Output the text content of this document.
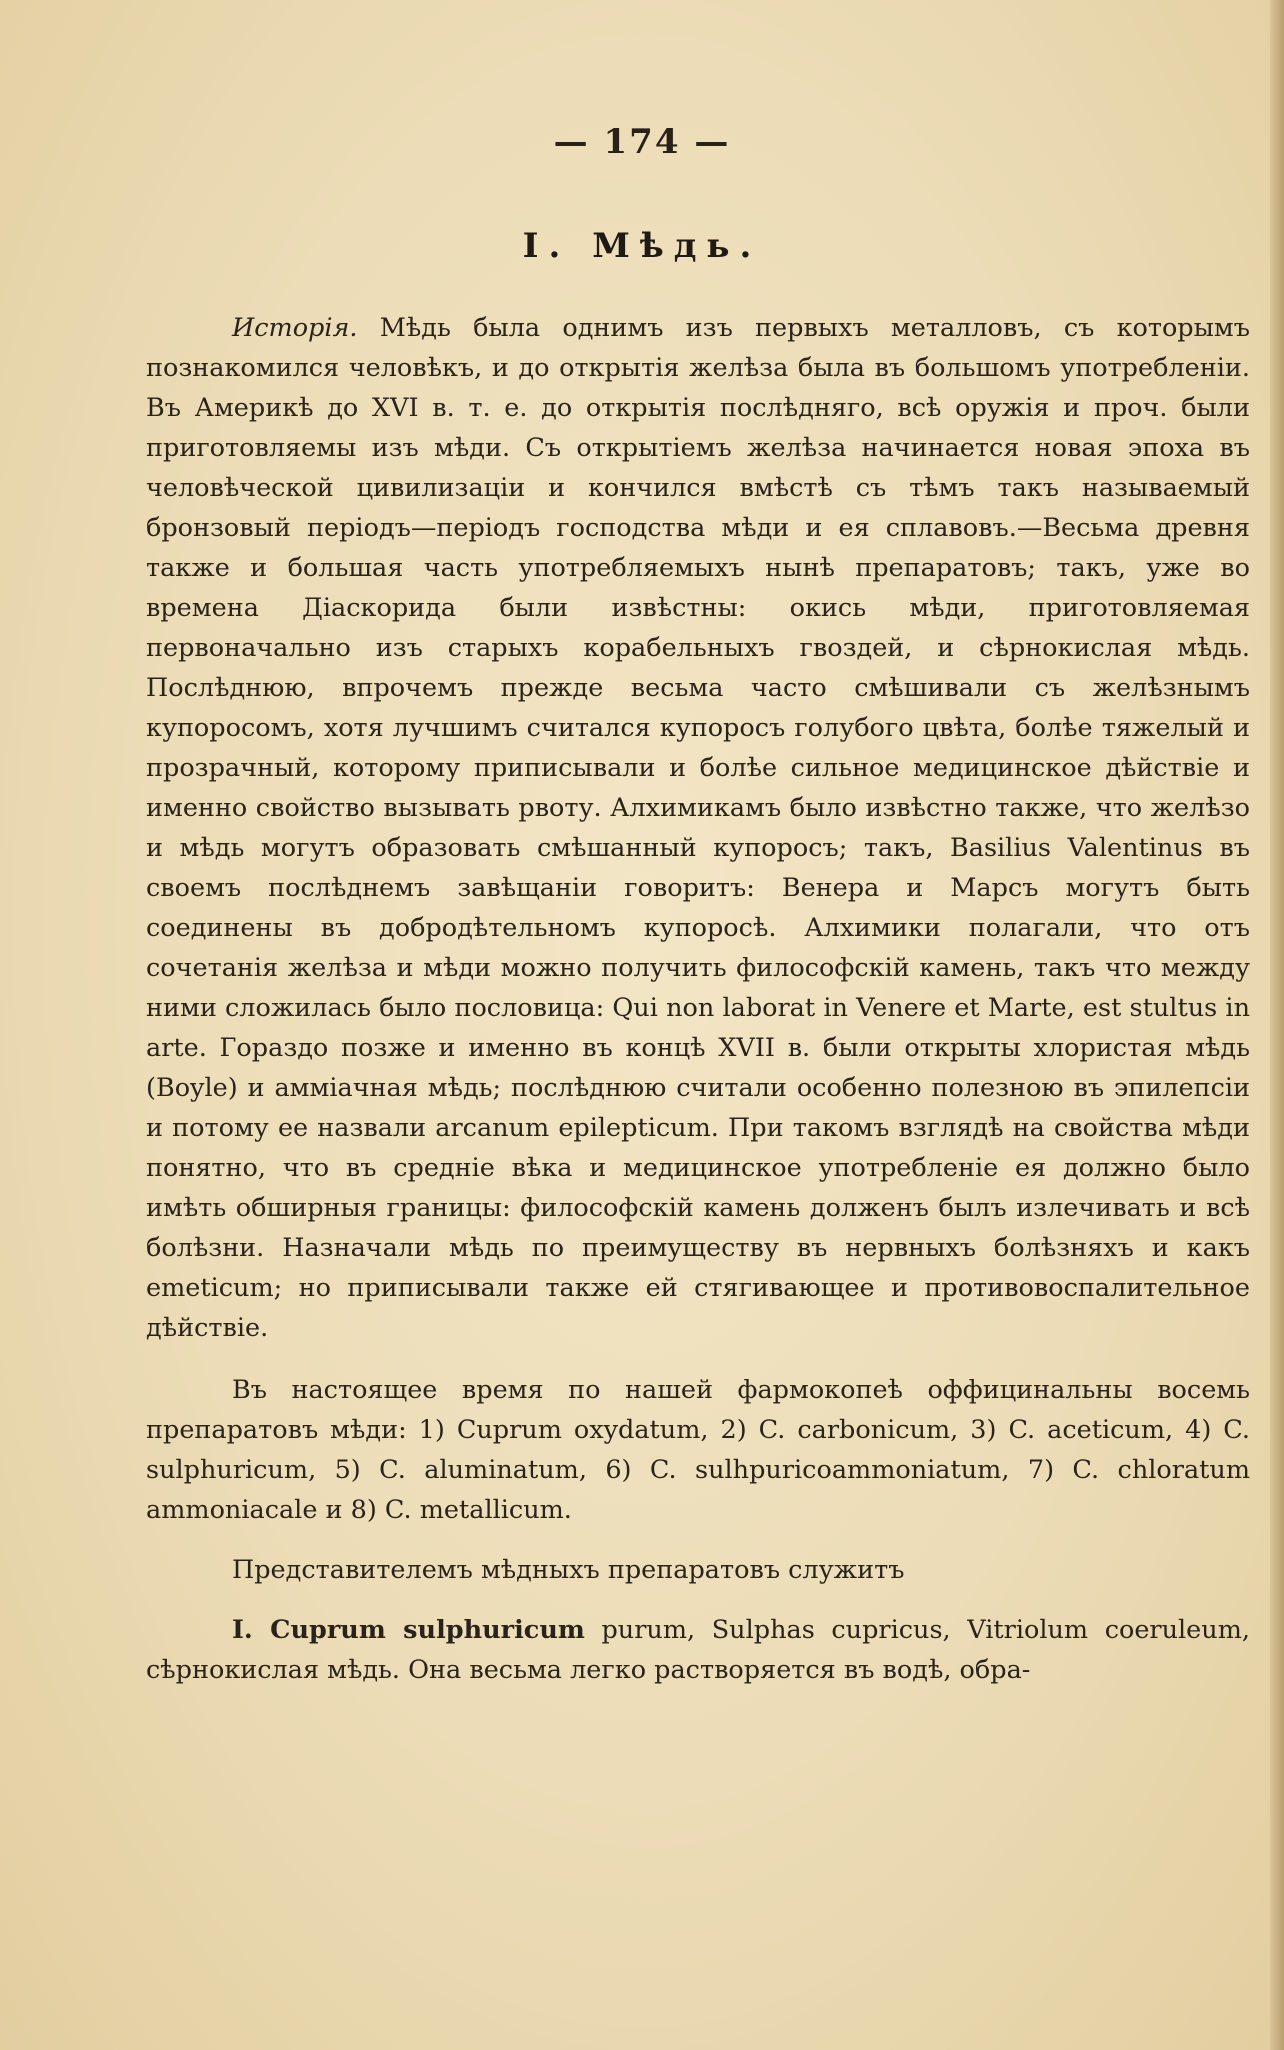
— 174 —
I. Мѣдь.

Исторія. Мѣдь была однимъ изъ первыхъ металловъ, съ которымъ познакомился человѣкъ, и до открытія желѣза была въ большомъ употребленіи. Въ Америкѣ до XVI в. т. е. до открытія послѣдняго, всѣ оружія и проч. были приготовляемы изъ мѣди. Съ открытіемъ желѣза начинается новая эпоха въ человѣческой цивилизаціи и кончился вмѣстѣ съ тѣмъ такъ называемый бронзовый періодъ—періодъ господства мѣди и ея сплавовъ.—Весьма древня также и большая часть употребляемыхъ нынѣ препаратовъ; такъ, уже во времена Діаскорида были извѣстны: окись мѣди, приготовляемая первоначально изъ старыхъ корабельныхъ гвоздей, и сѣрнокислая мѣдь. Послѣднюю, впрочемъ прежде весьма часто смѣшивали съ желѣзнымъ купоросомъ, хотя лучшимъ считался купоросъ голубого цвѣта, болѣе тяжелый и прозрачный, которому приписывали и болѣе сильное медицинское дѣйствіе и именно свойство вызывать рвоту. Алхимикамъ было извѣстно также, что желѣзо и мѣдь могутъ образовать смѣшанный купоросъ; такъ, Basilius Valentinus въ своемъ послѣднемъ завѣщаніи говоритъ: Венера и Марсъ могутъ быть соединены въ добродѣтельномъ купоросѣ. Алхимики полагали, что отъ сочетанія желѣза и мѣди можно получить философскій камень, такъ что между ними сложилась было пословица: Qui non laborat in Venere et Marte, est stultus in arte. Гораздо позже и именно въ концѣ XVII в. были открыты хлористая мѣдь (Boyle) и амміачная мѣдь; послѣднюю считали особенно полезною въ эпилепсіи и потому ее назвали arcanum epilepticum. При такомъ взглядѣ на свойства мѣди понятно, что въ средніе вѣка и медицинское употребленіе ея должно было имѣть обширныя границы: философскій камень долженъ былъ излечивать и всѣ болѣзни. Назначали мѣдь по преимуществу въ нервныхъ болѣзняхъ и какъ emeticum; но приписывали также ей стягивающее и противовоспалительное дѣйствіе.

Въ настоящее время по нашей фармокопеѣ оффицинальны восемь препаратовъ мѣди: 1) Cuprum oxydatum, 2) C. carbonicum, 3) C. aceticum, 4) C. sulphuricum, 5) C. aluminatum, 6) C. sulhpuricoammoniatum, 7) C. chloratum ammoniacale и 8) C. metallicum.

Представителемъ мѣдныхъ препаратовъ служитъ

I. Cuprum sulphuricum purum, Sulphas cupricus, Vitriolum coeruleum, сѣрнокислая мѣдь. Она весьма легко растворяется въ водѣ, обра-
